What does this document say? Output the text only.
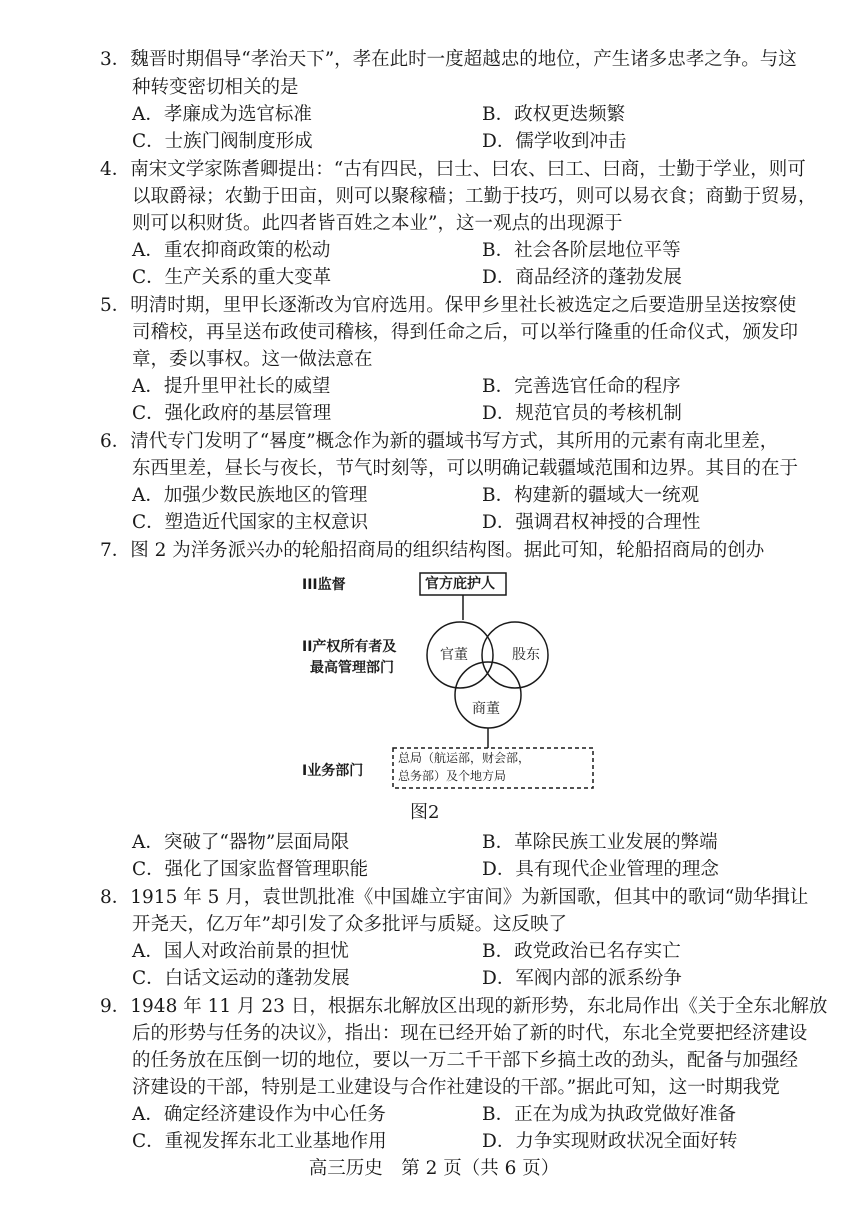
3．魏晋时期倡导“孝治天下”，孝在此时一度超越忠的地位，产生诸多忠孝之争。与这
种转变密切相关的是
A．孝廉成为选官标准	B．政权更迭频繁
C．士族门阀制度形成	D．儒学收到冲击
4．南宋文学家陈耆卿提出：“古有四民，曰士、曰农、曰工、曰商，士勤于学业，则可
以取爵禄；农勤于田亩，则可以聚稼穑；工勤于技巧，则可以易衣食；商勤于贸易，
则可以积财货。此四者皆百姓之本业”，这一观点的出现源于
A．重农抑商政策的松动	B．社会各阶层地位平等
C．生产关系的重大变革	D．商品经济的蓬勃发展
5．明清时期，里甲长逐渐改为官府选用。保甲乡里社长被选定之后要造册呈送按察使
司稽校，再呈送布政使司稽核，得到任命之后，可以举行隆重的任命仪式，颁发印
章，委以事权。这一做法意在
A．提升里甲社长的威望	B．完善选官任命的程序
C．强化政府的基层管理	D．规范官员的考核机制
6．清代专门发明了“晷度”概念作为新的疆域书写方式，其所用的元素有南北里差，
东西里差，昼长与夜长，节气时刻等，可以明确记载疆域范围和边界。其目的在于
A．加强少数民族地区的管理	B．构建新的疆域大一统观
C．塑造近代国家的主权意识	D．强调君权神授的合理性
7．图 2 为洋务派兴办的轮船招商局的组织结构图。据此可知，轮船招商局的创办
III监督
II产权所有者及
最高管理部门
I业务部门
官方庇护人
官董	股东
商董
总局（航运部，财会部，
总务部）及个地方局
图2
A．突破了“器物”层面局限	B．革除民族工业发展的弊端
C．强化了国家监督管理职能	D．具有现代企业管理的理念
8．1915 年 5 月，袁世凯批准《中国雄立宇宙间》为新国歌，但其中的歌词“勋华揖让
开尧天，亿万年”却引发了众多批评与质疑。这反映了
A．国人对政治前景的担忧	B．政党政治已名存实亡
C．白话文运动的蓬勃发展	D．军阀内部的派系纷争
9．1948 年 11 月 23 日，根据东北解放区出现的新形势，东北局作出《关于全东北解放
后的形势与任务的决议》，指出：现在已经开始了新的时代，东北全党要把经济建设
的任务放在压倒一切的地位，要以一万二千干部下乡搞土改的劲头，配备与加强经
济建设的干部，特别是工业建设与合作社建设的干部。”据此可知，这一时期我党
A．确定经济建设作为中心任务	B．正在为成为执政党做好准备
C．重视发挥东北工业基地作用	D．力争实现财政状况全面好转
高三历史　第 2 页（共 6 页）
